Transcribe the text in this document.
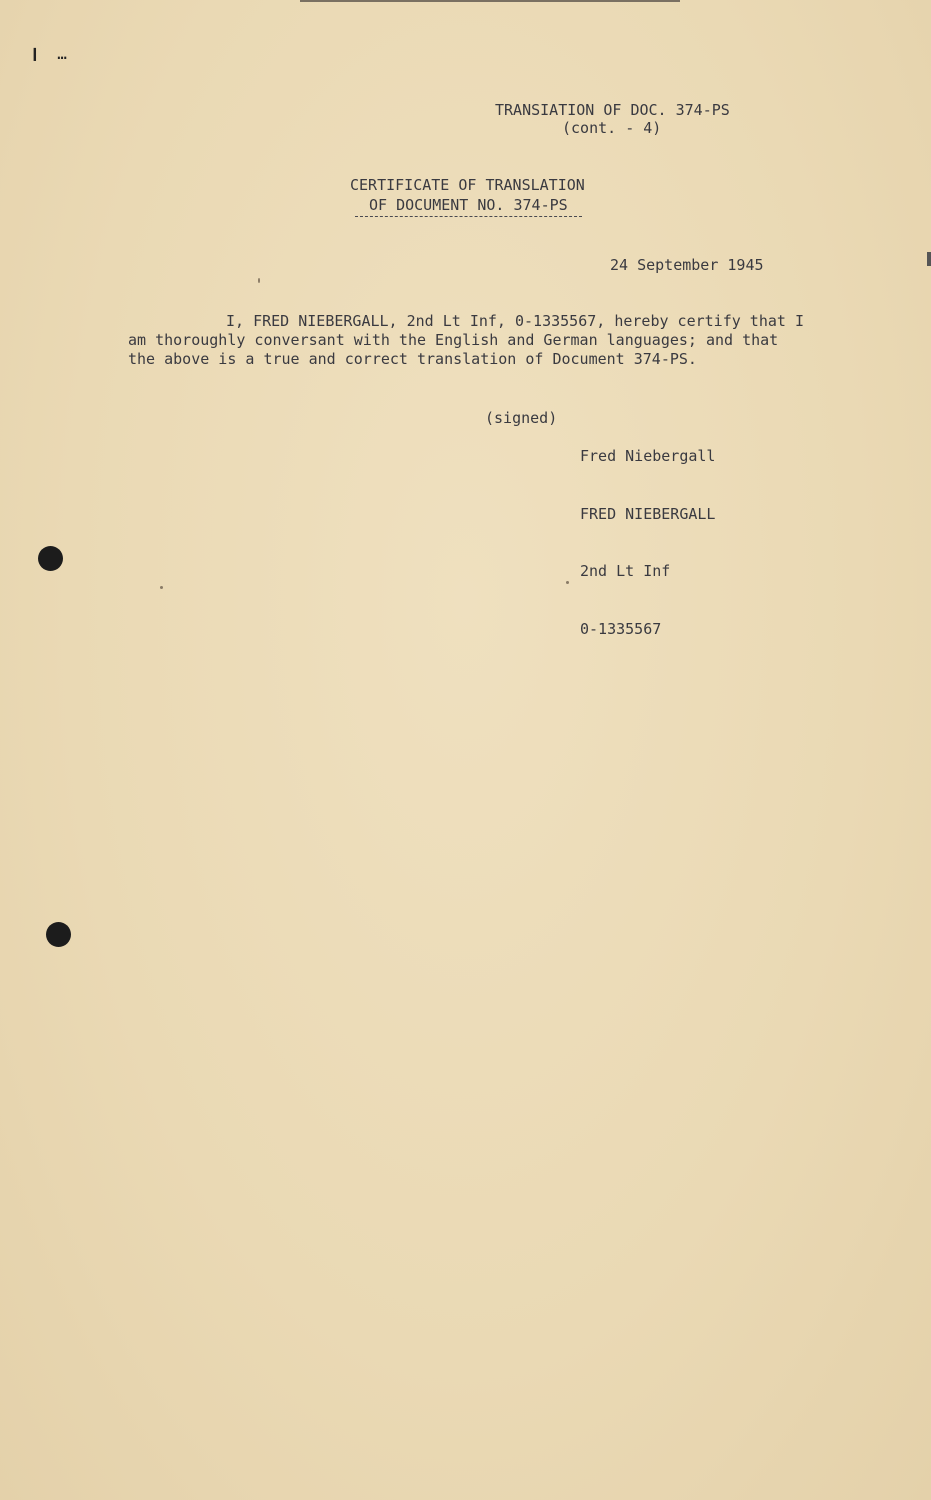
❙ …
TRANSIATION OF DOC. 374-PS
(cont. - 4)
CERTIFICATE OF TRANSLATION
OF DOCUMENT NO. 374-PS
24 September 1945
I, FRED NIEBERGALL, 2nd Lt Inf, 0-1335567, hereby certify that I
am thoroughly conversant with the English and German languages; and that
the above is a true and correct translation of Document 374-PS.
(signed)

Fred Niebergall

FRED NIEBERGALL

2nd Lt Inf

0-1335567
